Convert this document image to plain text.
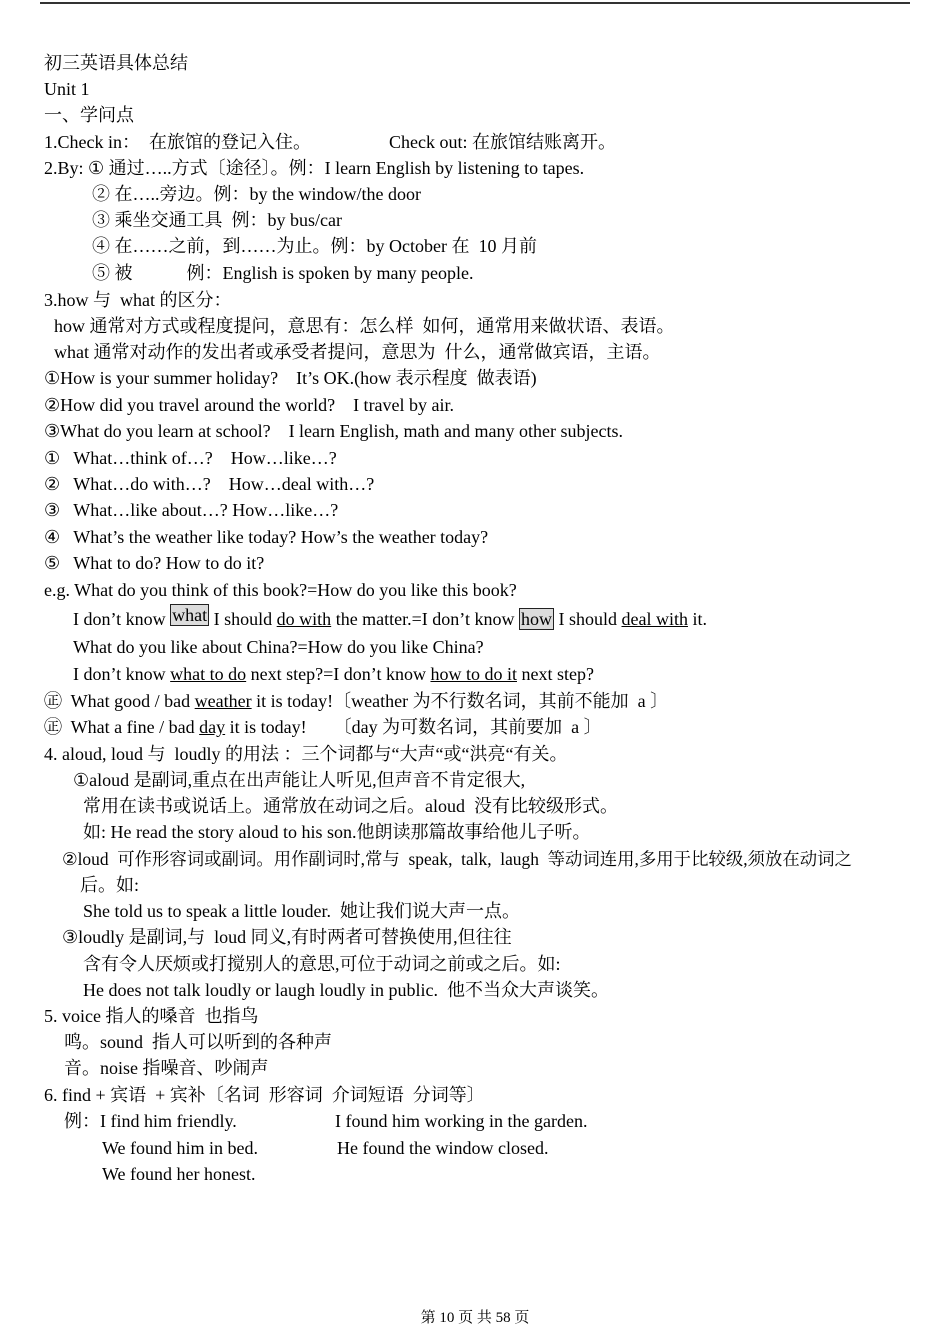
初三英语具体总结
Unit 1
一、学问点
1.Check in：  在旅馆的登记入住。	Check out: 在旅馆结账离开。
2.By: ① 通过…..方式〔途径〕。例：I learn English by listening to tapes.
② 在…..旁边。例：by the window/the door
③ 乘坐交通工具  例：by bus/car
④ 在……之前，到……为止。例：by October 在  10 月前
⑤ 被            例：English is spoken by many people.
3.how 与  what 的区分：
how 通常对方式或程度提问，意思有：怎么样  如何，通常用来做状语、表语。
what 通常对动作的发出者或承受者提问，意思为  什么，通常做宾语，主语。
①How is your summer holiday?    It’s OK.(how 表示程度  做表语)
②How did you travel around the world?    I travel by air.
③What do you learn at school?    I learn English, math and many other subjects.
①   What…think of…?    How…like…?
②   What…do with…?    How…deal with…?
③   What…like about…? How…like…?
④   What’s the weather like today? How’s the weather today?
⑤   What to do? How to do it?
e.g. What do you think of this book?=How do you like this book?
I don’t know what I should do with the matter.=I don’t know how I should deal with it.
What do you like about China?=How do you like China?
I don’t know what to do next step?=I don’t know how to do it next step?
㊣  What good / bad weather it is today!〔weather 为不行数名词，其前不能加  a 〕
㊣  What a fine / bad day it is today!      〔day 为可数名词，其前要加  a 〕
4. aloud, loud 与  loudly 的用法 ：三个词都与“大声“或“洪亮“有关。
①aloud 是副词,重点在出声能让人听见,但声音不肯定很大,
常用在读书或说话上。通常放在动词之后。aloud  没有比较级形式。
如: He read the story aloud to his son.他朗读那篇故事给他儿子听。
②loud  可作形容词或副词。用作副词时,常与  speak,  talk,  laugh  等动词连用,多用于比较级,须放在动词之
后。如:
She told us to speak a little louder.  她让我们说大声一点。
③loudly 是副词,与  loud 同义,有时两者可替换使用,但往往
含有令人厌烦或打搅别人的意思,可位于动词之前或之后。如:
He does not talk loudly or laugh loudly in public.  他不当众大声谈笑。
5. voice 指人的嗓音  也指鸟
鸣。sound  指人可以听到的各种声
音。noise 指噪音、吵闹声
6. find + 宾语  + 宾补〔名词  形容词  介词短语  分词等〕
例：I find him friendly.	I found him working in the garden.
We found him in bed.	He found the window closed.
We found her honest.
第 10 页 共 58 页
